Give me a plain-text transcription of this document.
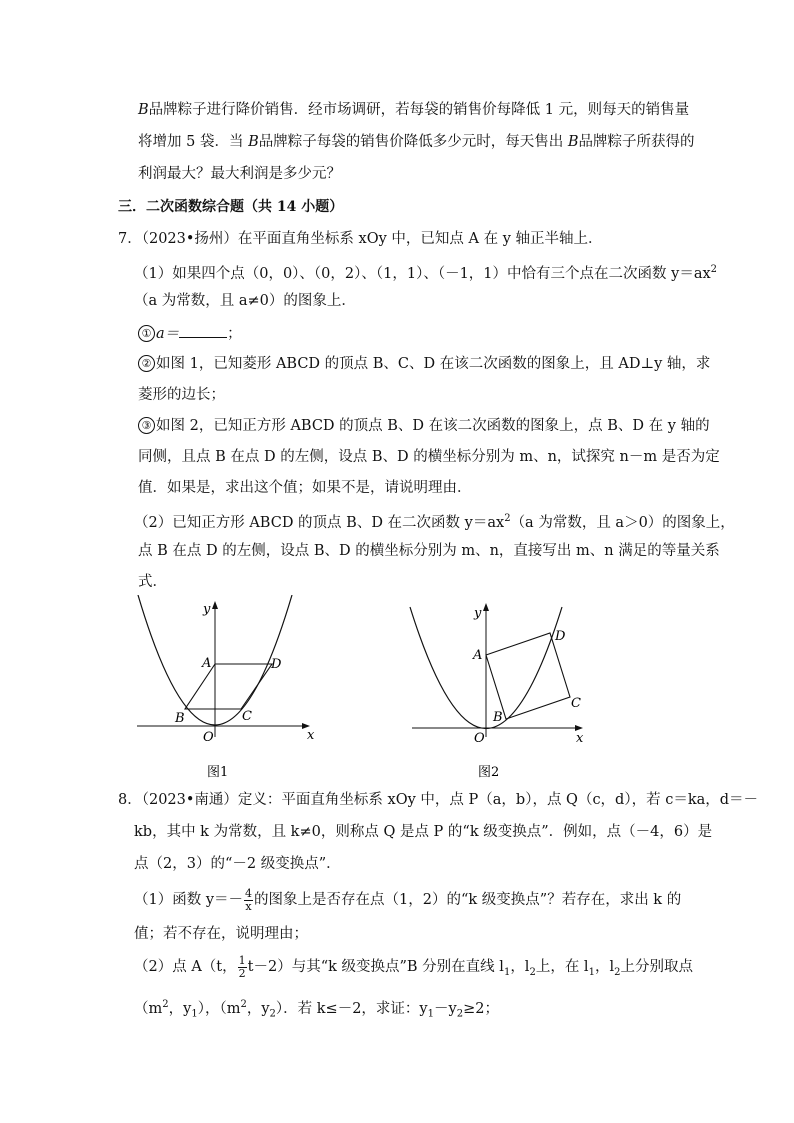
B品牌粽子进行降价销售．经市场调研，若每袋的销售价每降低 1 元，则每天的销售量
将增加 5 袋．当 B品牌粽子每袋的销售价降低多少元时，每天售出 B品牌粽子所获得的
利润最大？最大利润是多少元？
三．二次函数综合题（共 14 小题）
7．（2023•扬州）在平面直角坐标系 xOy 中，已知点 A 在 y 轴正半轴上．
（1）如果四个点（0，0）、（0，2）、（1，1）、（－1，1）中恰有三个点在二次函数 $y=ax^2$
（a 为常数，且 a≠0）的图象上．
① a＝	；
② 如图 1，已知菱形 ABCD 的顶点 B、C、D 在该二次函数的图象上，且 AD⊥y 轴，求
菱形的边长；
③ 如图 2，已知正方形 ABCD 的顶点 B、D 在该二次函数的图象上，点 B、D 在 y 轴的
同侧，且点 B 在点 D 的左侧，设点 B、D 的横坐标分别为 m、n，试探究 n－m 是否为定
值．如果是，求出这个值；如果不是，请说明理由．
（2）已知正方形 ABCD 的顶点 B、D 在二次函数 $y=ax^2(a$ 为常数，且 a＞0）的图象上，
点 B 在点 D 的左侧，设点 B、D 的横坐标分别为 m、n，直接写出 m、n 满足的等量关系
式．
y
x
O
A
B	C
D
图1
y
x
O
A
B
C
D
图2
8．（2023•南通）定义：平面直角坐标系 xOy 中，点 P（a，b），点 Q（c，d），若 c＝ka，d＝－
kb，其中 k 为常数，且 k≠0，则称点 Q 是点 P 的“k 级变换点”．例如，点（－4，6）是
点（2，3）的“－2 级变换点”．
（1）函数 $y=- \frac{4}{x}$ 的图象上是否存在点（1，2）的“k 级变换点”？若存在，求出 k 的
值；若不存在，说明理由；
（2）点 A（t， $\frac{1}{2} t-2$）与其“k 级变换点”B 分别在直线 $l_1$，$l_2$上，在 $l_1$，$l_2$上分别取点
（$m^2$，$y_1$），（$m^2$，$y_2$）．若 k≤－2，求证：$y_1-y_2\ge 2$；
